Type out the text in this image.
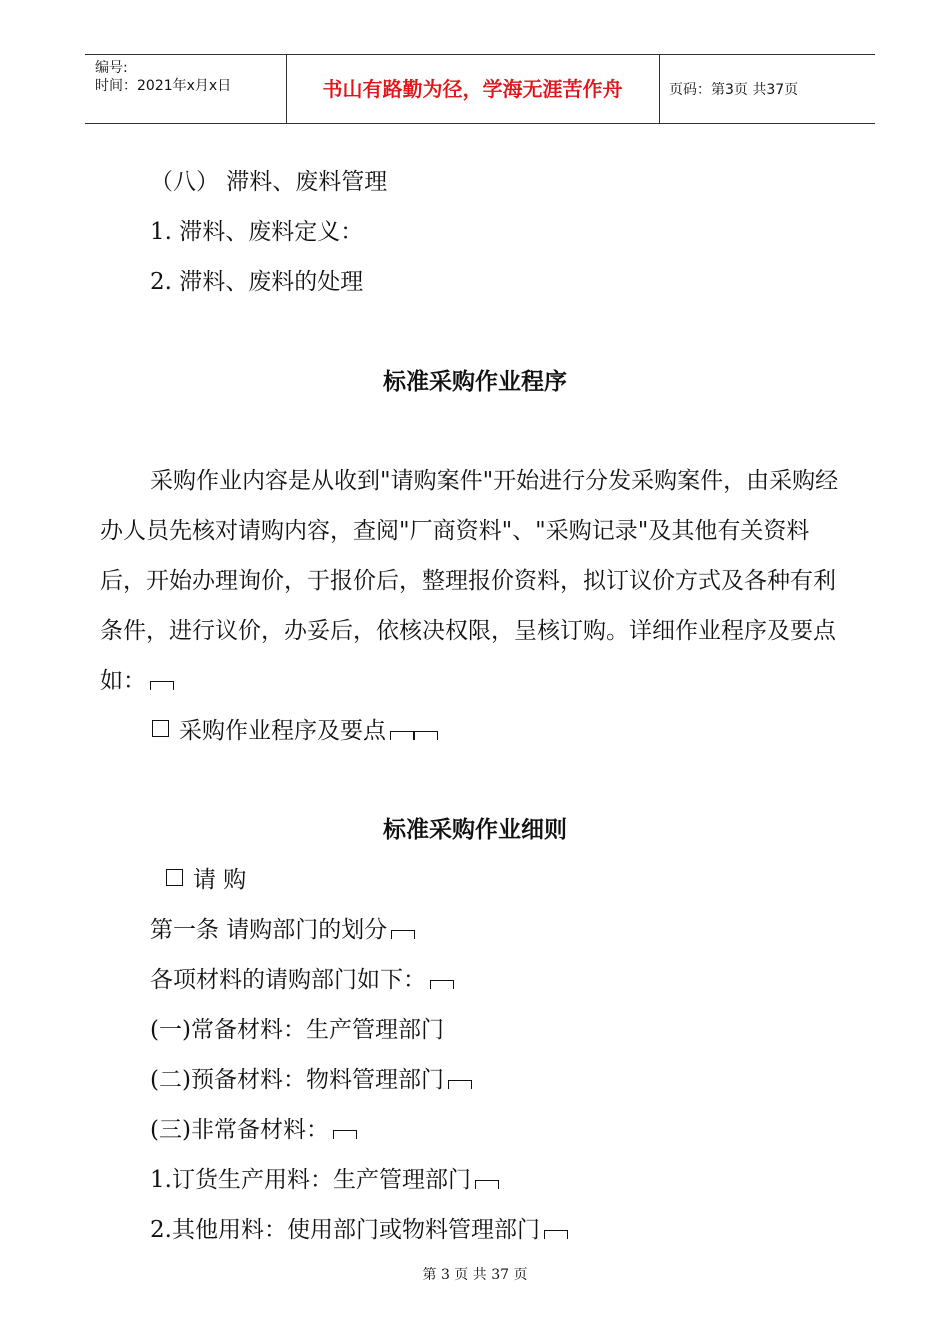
编号:
时间：2021年x月x日	书山有路勤为径，学海无涯苦作舟	页码：第3页 共37页
（八） 滞料、废料管理
1. 滞料、废料定义：
2. 滞料、废料的处理
标准采购作业程序

采购作业内容是从收到"请购案件"开始进行分发采购案件，由采购经办人员先核对请购内容，查阅"厂商资料"、"采购记录"及其他有关资料后，开始办理询价，于报价后，整理报价资料，拟订议价方式及各种有利条件，进行议价，办妥后，依核决权限，呈核订购。详细作业程序及要点如：

采购作业程序及要点
标准采购作业细则
请 购
第一条 请购部门的划分
各项材料的请购部门如下：
(一)常备材料：生产管理部门
(二)预备材料：物料管理部门
(三)非常备材料：
1.订货生产用料：生产管理部门
2.其他用料：使用部门或物料管理部门
第 3 页 共 37 页
